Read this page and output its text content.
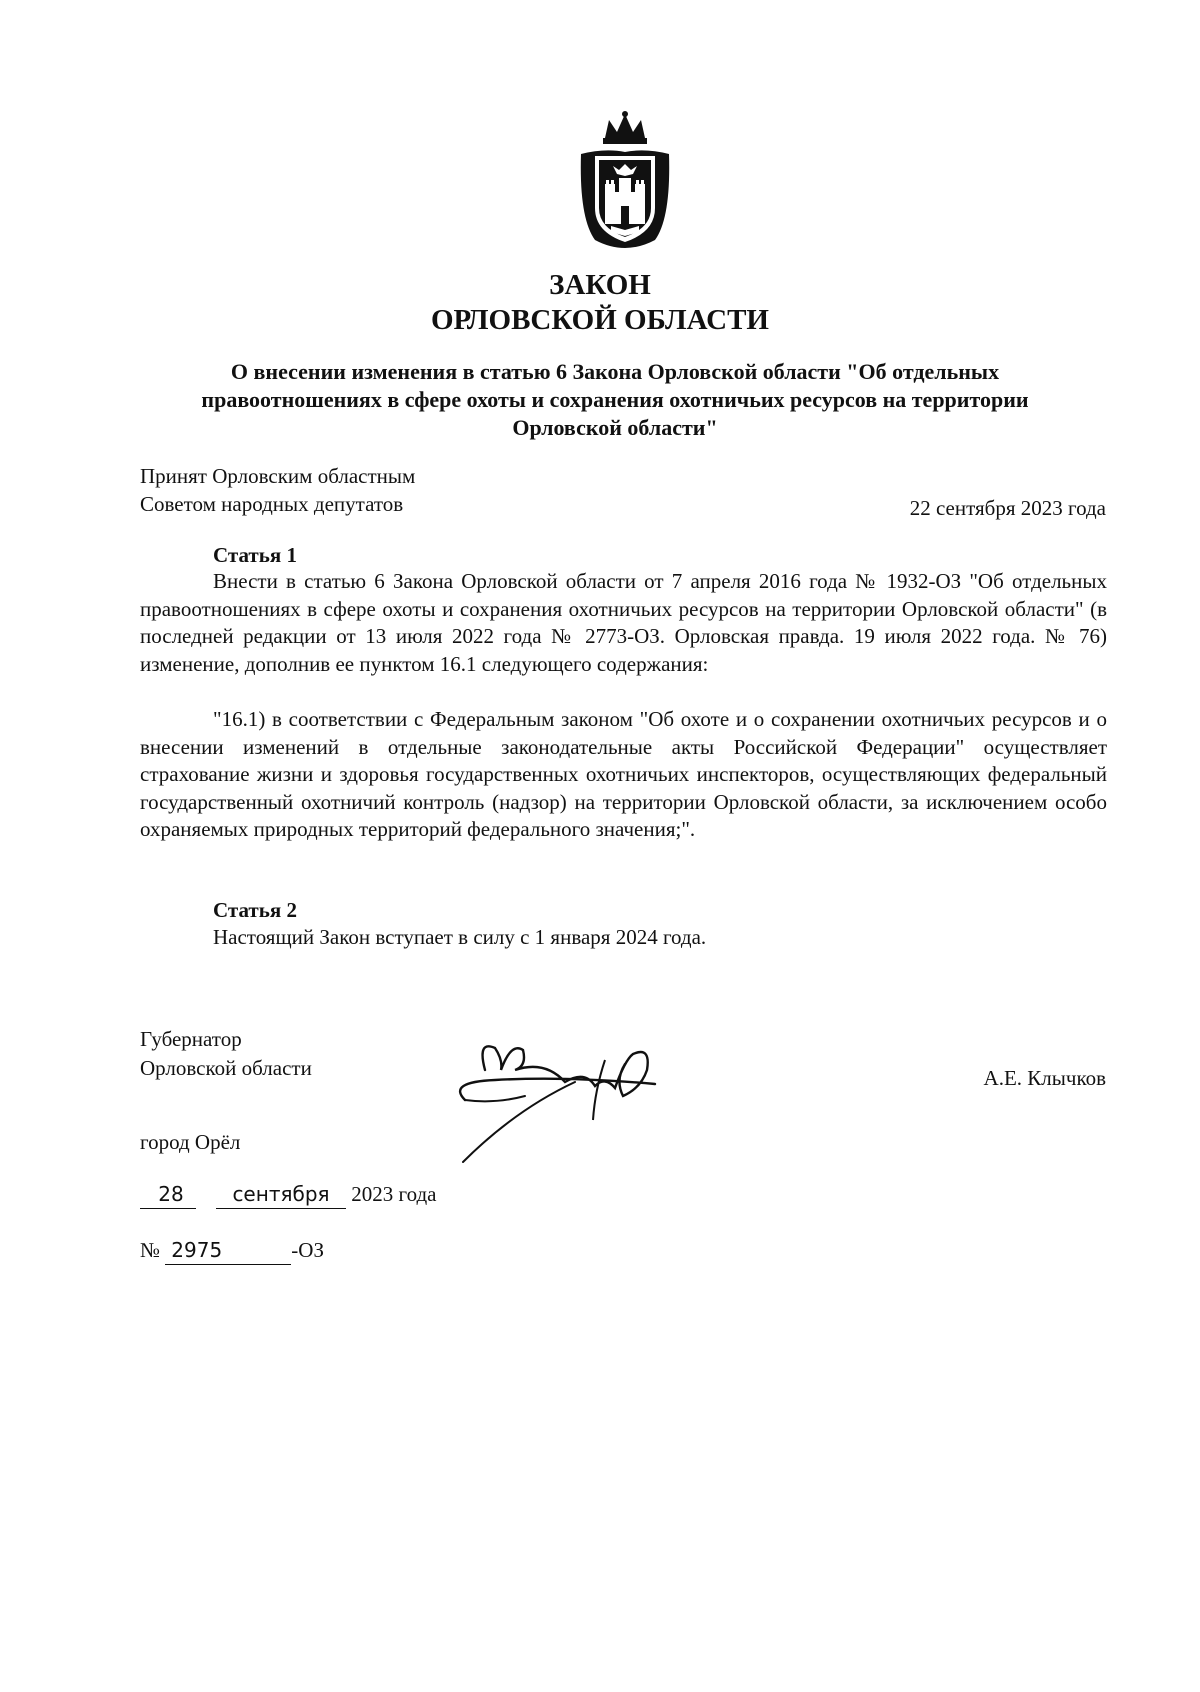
ЗАКОН
ОРЛОВСКОЙ ОБЛАСТИ

О внесении изменения в статью 6 Закона Орловской области "Об отдельных правоотношениях в сфере охоты и сохранения охотничьих ресурсов на территории Орловской области"

Принят Орловским областным
Советом народных депутатов	22 сентября 2023 года
Статья 1

Внести в статью 6 Закона Орловской области от 7 апреля 2016 года № 1932-ОЗ "Об отдельных правоотношениях в сфере охоты и сохранения охотничьих ресурсов на территории Орловской области" (в последней редакции от 13 июля 2022 года № 2773-ОЗ. Орловская правда. 19 июля 2022 года. № 76) изменение, дополнив ее пунктом 16.1 следующего содержания:

"16.1) в соответствии с Федеральным законом "Об охоте и о сохранении охотничьих ресурсов и о внесении изменений в отдельные законодательные акты Российской Федерации" осуществляет страхование жизни и здоровья государственных охотничьих инспекторов, осуществляющих федеральный государственный охотничий контроль (надзор) на территории Орловской области, за исключением особо охраняемых природных территорий федерального значения;".

Статья 2

Настоящий Закон вступает в силу с 1 января 2024 года.

Губернатор
Орловской области	А.Е. Клычков
город Орёл
28 сентября 2023 года
№ 2975	-ОЗ
